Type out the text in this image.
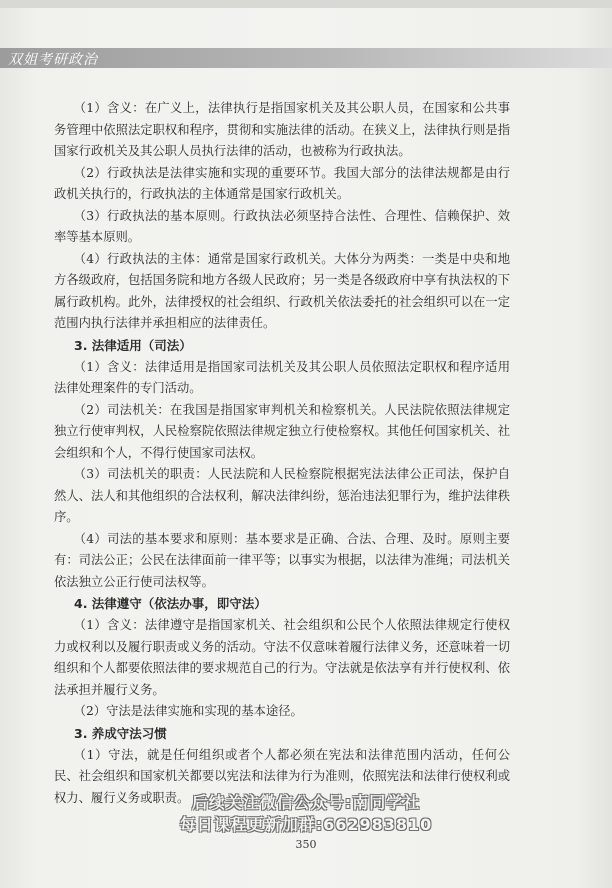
双姐考研政治

（1）含义：在广义上，法律执行是指国家机关及其公职人员，在国家和公共事务管理中依照法定职权和程序，贯彻和实施法律的活动。在狭义上，法律执行则是指国家行政机关及其公职人员执行法律的活动，也被称为行政执法。

（2）行政执法是法律实施和实现的重要环节。我国大部分的法律法规都是由行政机关执行的，行政执法的主体通常是国家行政机关。

（3）行政执法的基本原则。行政执法必须坚持合法性、合理性、信赖保护、效率等基本原则。

（4）行政执法的主体：通常是国家行政机关。大体分为两类：一类是中央和地方各级政府，包括国务院和地方各级人民政府；另一类是各级政府中享有执法权的下属行政机构。此外，法律授权的社会组织、行政机关依法委托的社会组织可以在一定范围内执行法律并承担相应的法律责任。

3. 法律适用（司法）

（1）含义：法律适用是指国家司法机关及其公职人员依照法定职权和程序适用法律处理案件的专门活动。

（2）司法机关：在我国是指国家审判机关和检察机关。人民法院依照法律规定独立行使审判权，人民检察院依照法律规定独立行使检察权。其他任何国家机关、社会组织和个人，不得行使国家司法权。

（3）司法机关的职责：人民法院和人民检察院根据宪法法律公正司法，保护自然人、法人和其他组织的合法权利，解决法律纠纷，惩治违法犯罪行为，维护法律秩序。

（4）司法的基本要求和原则：基本要求是正确、合法、合理、及时。原则主要有：司法公正；公民在法律面前一律平等；以事实为根据，以法律为准绳；司法机关依法独立公正行使司法权等。

4. 法律遵守（依法办事，即守法）

（1）含义：法律遵守是指国家机关、社会组织和公民个人依照法律规定行使权力或权利以及履行职责或义务的活动。守法不仅意味着履行法律义务，还意味着一切组织和个人都要依照法律的要求规范自己的行为。守法就是依法享有并行使权利、依法承担并履行义务。

（2）守法是法律实施和实现的基本途径。

3. 养成守法习惯

（1）守法，就是任何组织或者个人都必须在宪法和法律范围内活动，任何公民、社会组织和国家机关都要以宪法和法律为行为准则，依照宪法和法律行使权利或权力、履行义务或职责。 后续关注微信公众号:南同学社
每日课程更新加群:662983810
350
